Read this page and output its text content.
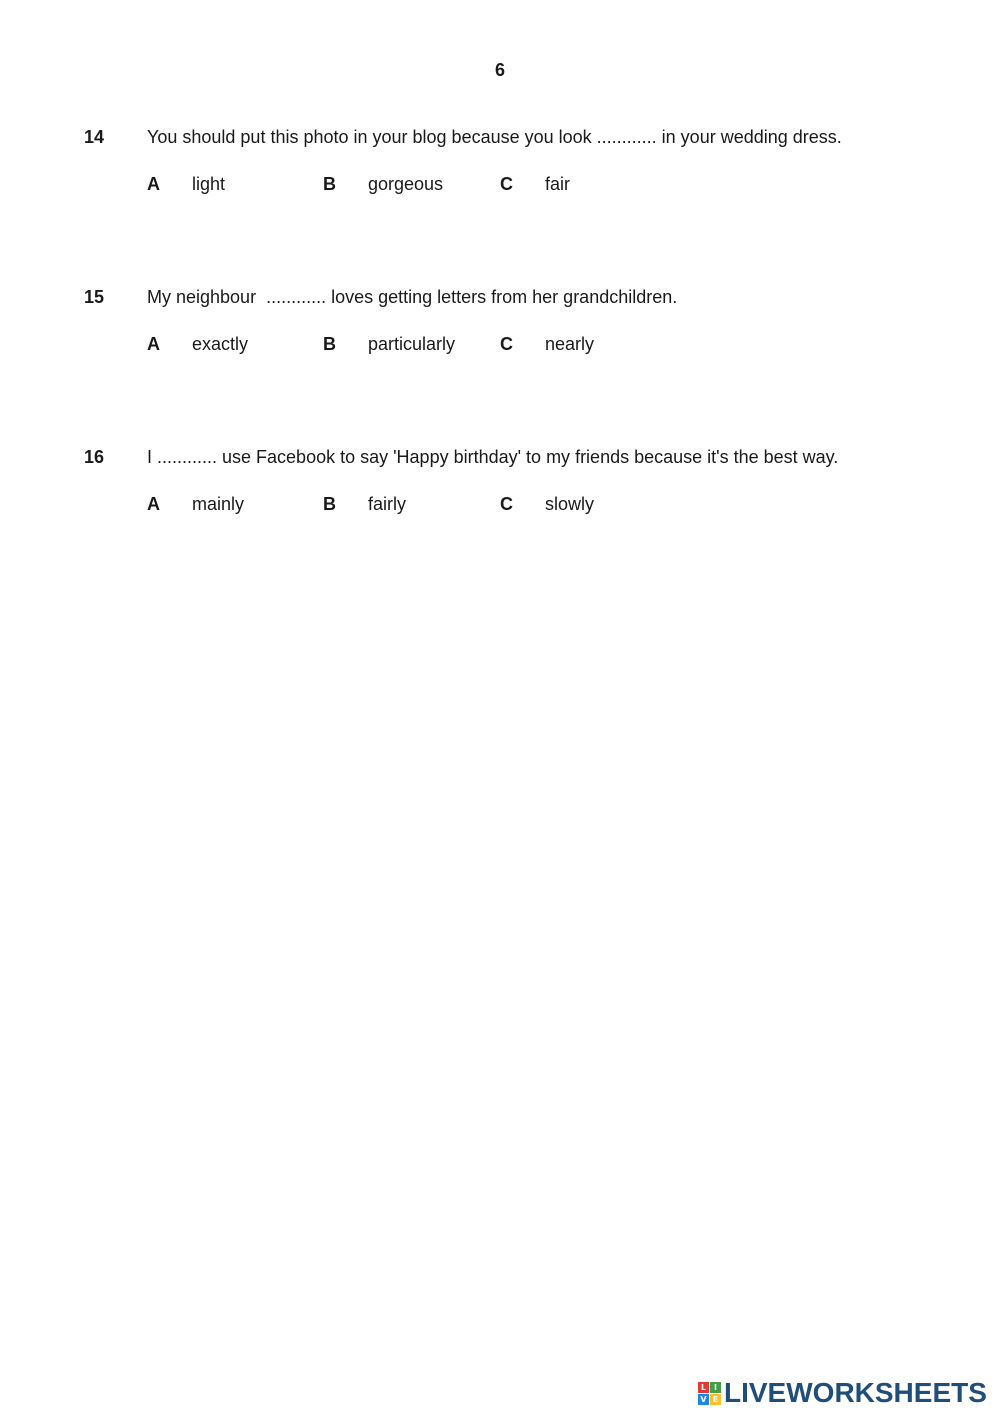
6
14 You should put this photo in your blog because you look ............ in your wedding dress.
A light	B gorgeous	C fair
15 My neighbour  ............ loves getting letters from her grandchildren.
A exactly	B particularly C nearly
16 I ............ use Facebook to say 'Happy birthday' to my friends because it's the best way.
A mainly	B fairly	C slowly
L I
V E LIVEWORKSHEETS
